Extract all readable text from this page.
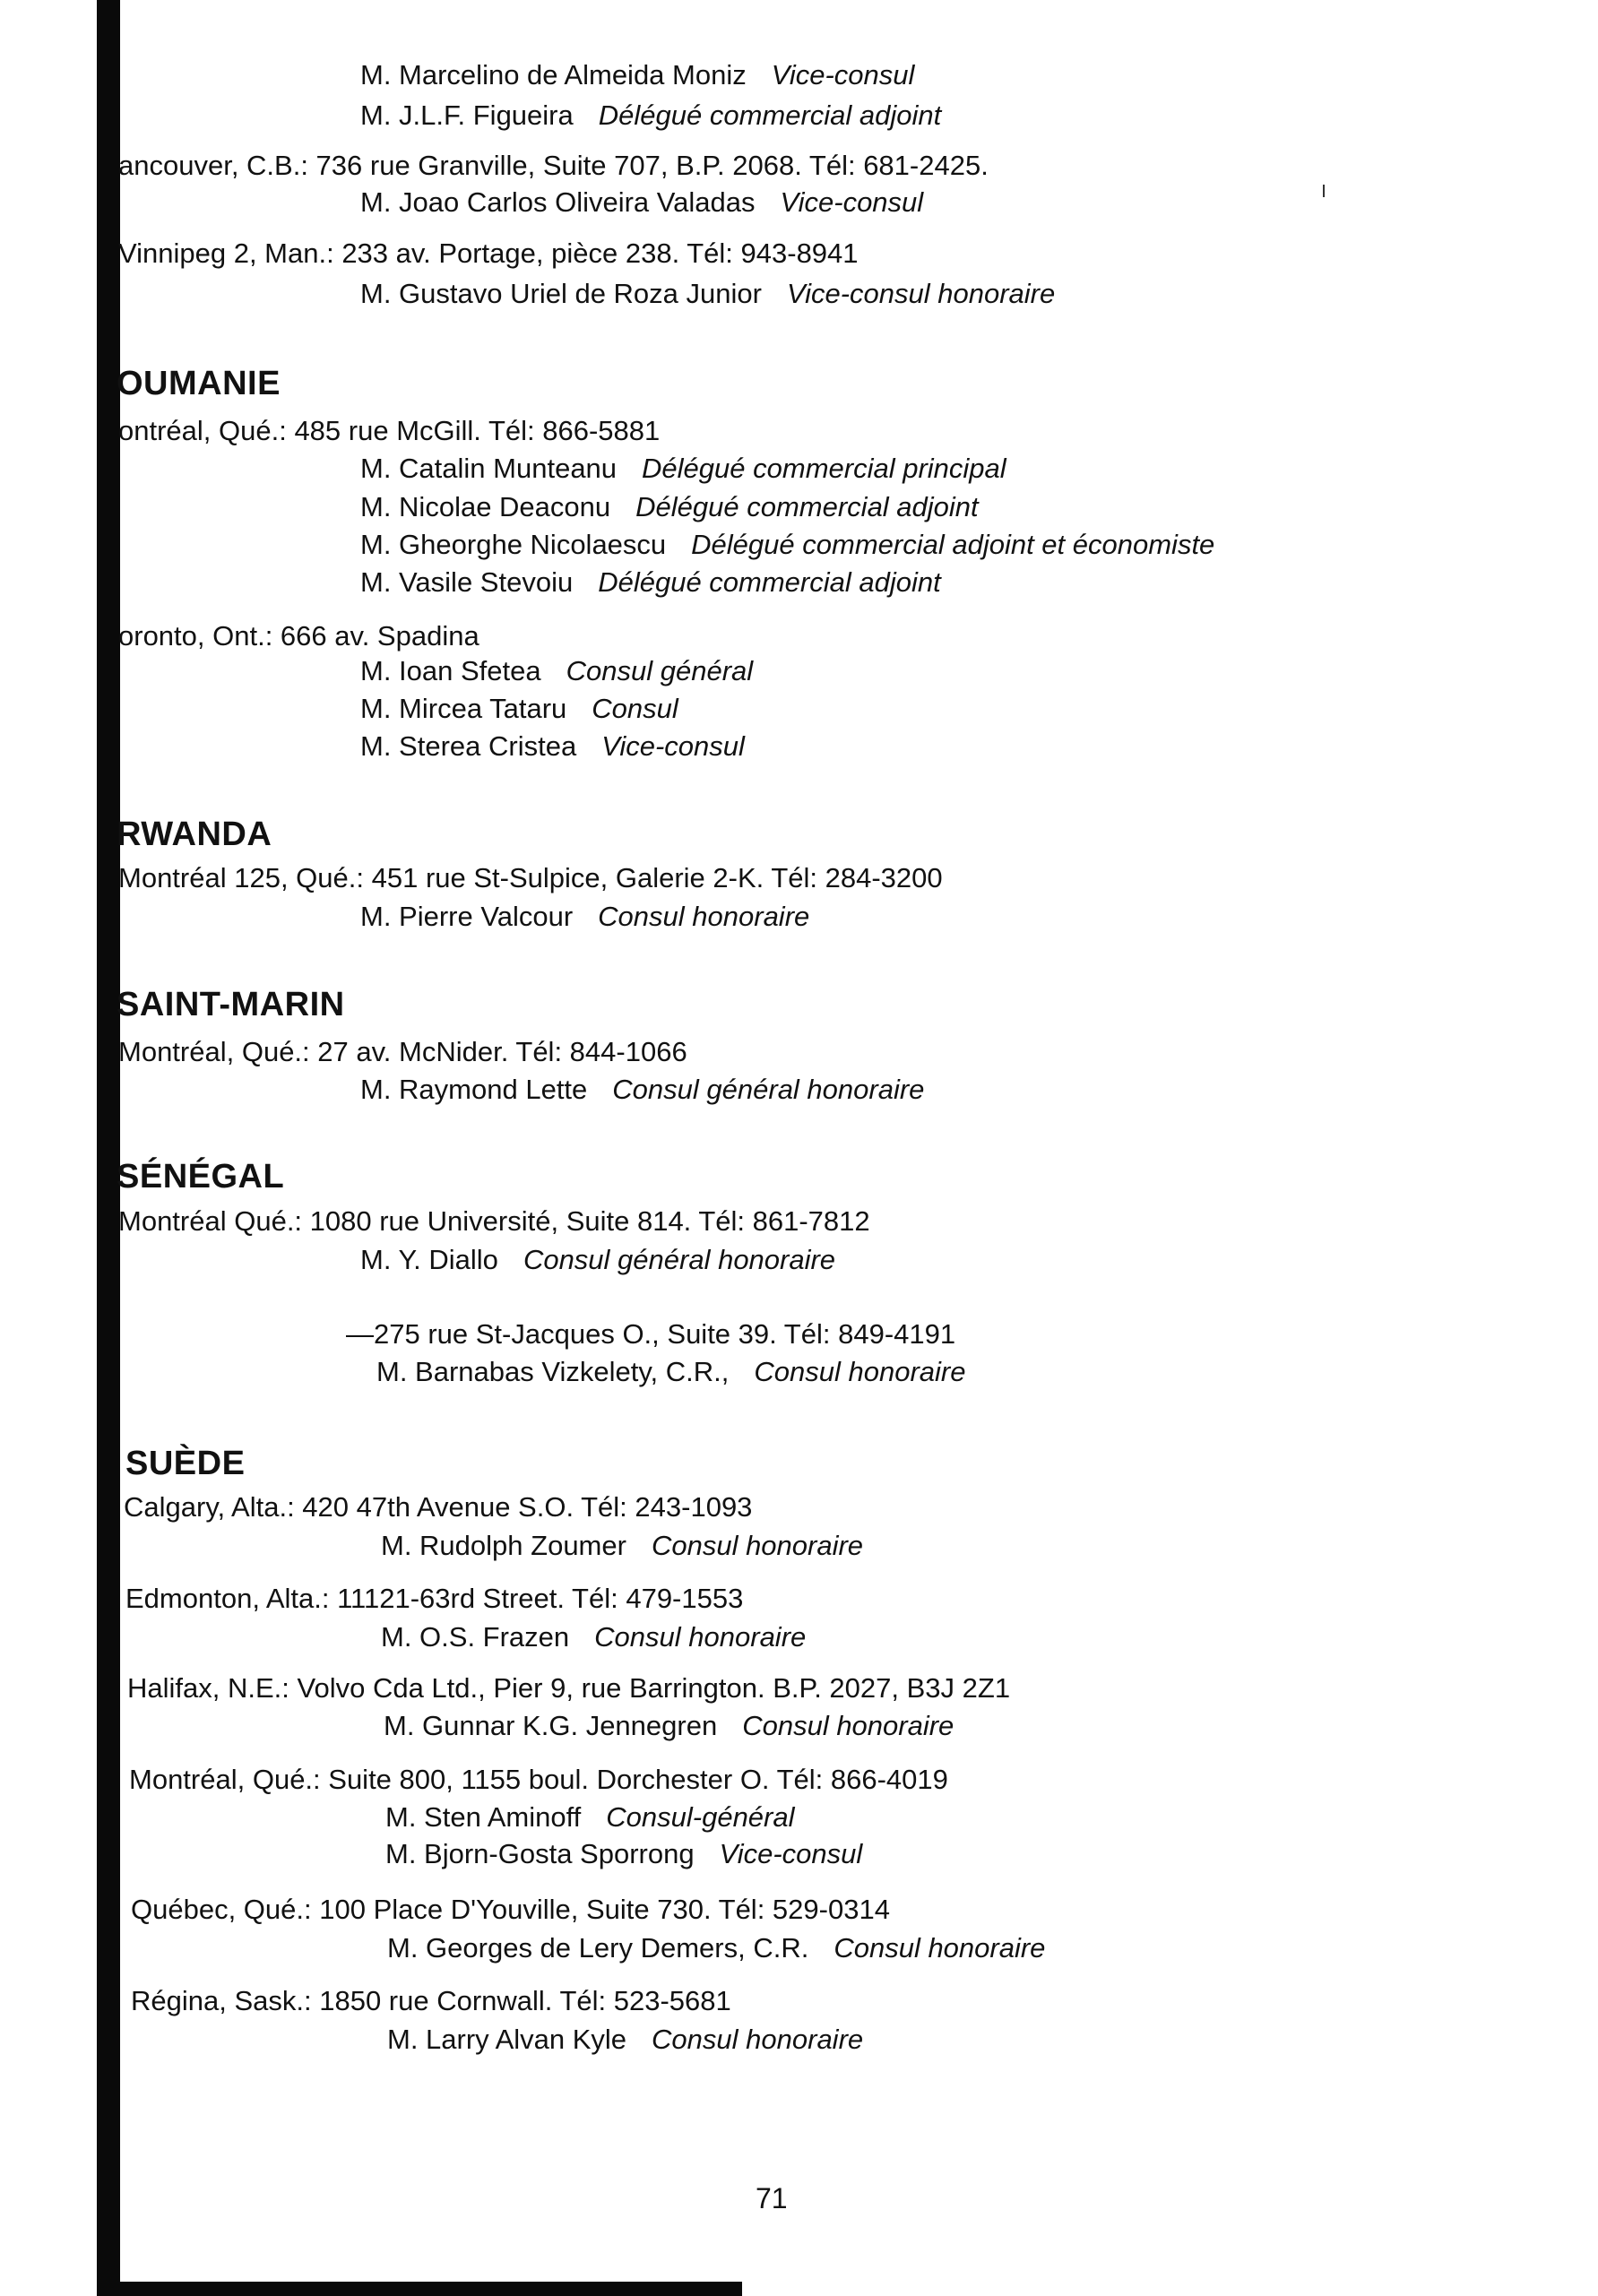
M. Marcelino de Almeida Moniz Vice-consul
M. J.L.F. Figueira Délégué commercial adjoint
ancouver, C.B.: 736 rue Granville, Suite 707, B.P. 2068. Tél: 681-2425.
M. Joao Carlos Oliveira Valadas Vice-consul
Vinnipeg 2, Man.: 233 av. Portage, pièce 238. Tél: 943-8941
M. Gustavo Uriel de Roza Junior Vice-consul honoraire
OUMANIE
ontréal, Qué.: 485 rue McGill. Tél: 866-5881
M. Catalin Munteanu Délégué commercial principal
M. Nicolae Deaconu Délégué commercial adjoint
M. Gheorghe Nicolaescu Délégué commercial adjoint et économiste
M. Vasile Stevoiu Délégué commercial adjoint
oronto, Ont.: 666 av. Spadina
M. Ioan Sfetea Consul général
M. Mircea Tataru Consul
M. Sterea Cristea Vice-consul
RWANDA
Montréal 125, Qué.: 451 rue St-Sulpice, Galerie 2-K. Tél: 284-3200
M. Pierre Valcour Consul honoraire
SAINT-MARIN
Montréal, Qué.: 27 av. McNider. Tél: 844-1066
M. Raymond Lette Consul général honoraire
SÉNÉGAL
Montréal Qué.: 1080 rue Université, Suite 814. Tél: 861-7812
M. Y. Diallo Consul général honoraire
—275 rue St-Jacques O., Suite 39. Tél: 849-4191
M. Barnabas Vizkelety, C.R., Consul honoraire
SUÈDE
Calgary, Alta.: 420 47th Avenue S.O. Tél: 243-1093
M. Rudolph Zoumer Consul honoraire
Edmonton, Alta.: 11121-63rd Street. Tél: 479-1553
M. O.S. Frazen Consul honoraire
Halifax, N.E.: Volvo Cda Ltd., Pier 9, rue Barrington. B.P. 2027, B3J 2Z1
M. Gunnar K.G. Jennegren Consul honoraire
Montréal, Qué.: Suite 800, 1155 boul. Dorchester O. Tél: 866-4019
M. Sten Aminoff Consul-général
M. Bjorn-Gosta Sporrong Vice-consul
Québec, Qué.: 100 Place D'Youville, Suite 730. Tél: 529-0314
M. Georges de Lery Demers, C.R. Consul honoraire
Régina, Sask.: 1850 rue Cornwall. Tél: 523-5681
M. Larry Alvan Kyle Consul honoraire
71
